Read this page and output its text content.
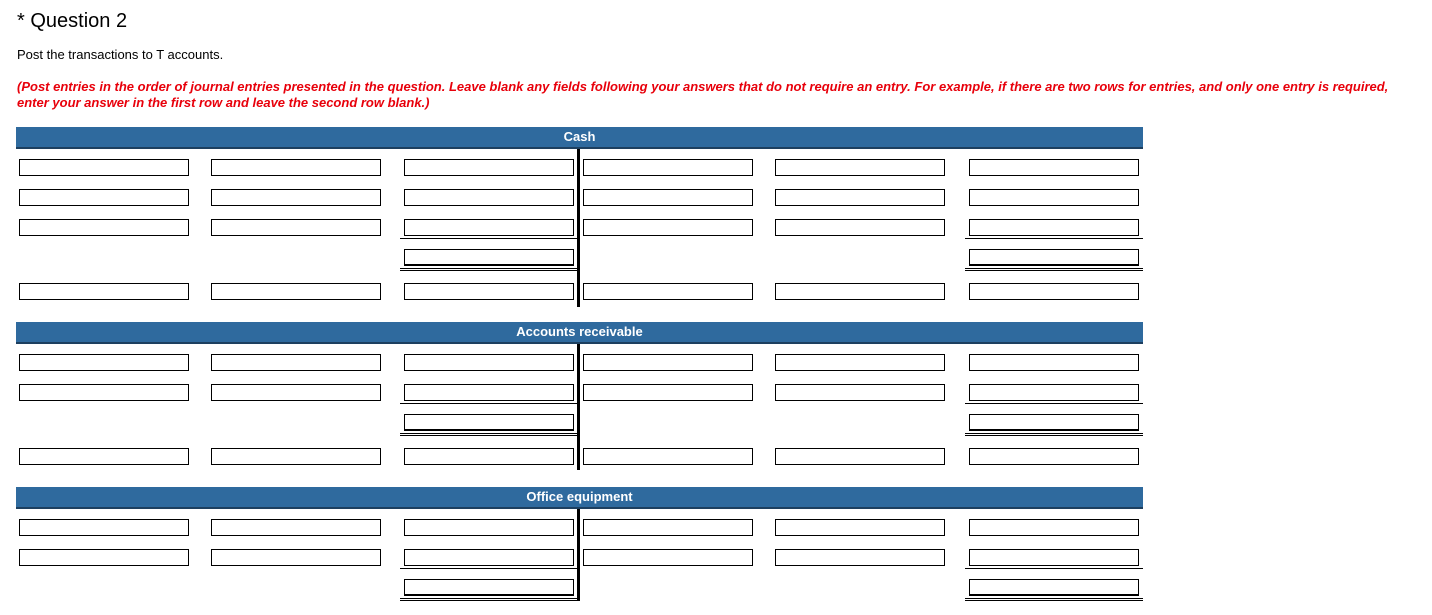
* Question 2
Post the transactions to T accounts.
(Post entries in the order of journal entries presented in the question. Leave blank any fields following your answers that do not require an entry. For example, if there are two rows for entries, and only one entry is required, enter your answer in the first row and leave the second row blank.)
Cash
Accounts receivable
Office equipment
